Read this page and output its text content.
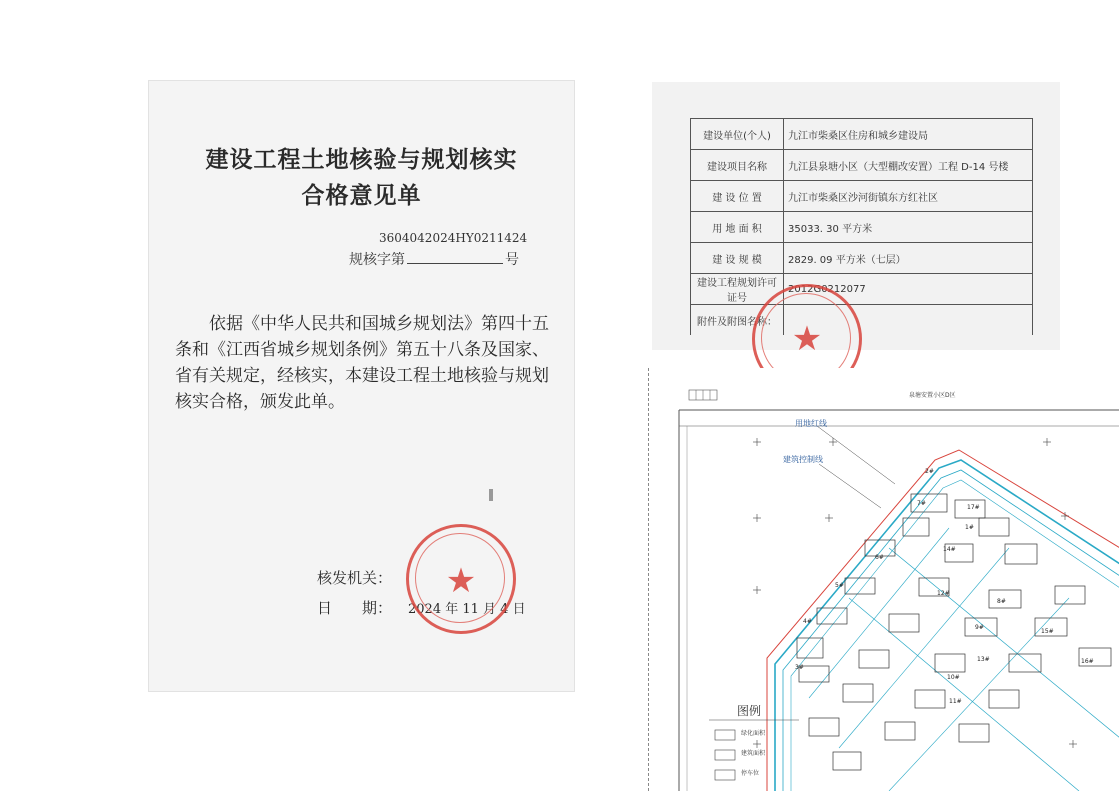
建设工程土地核验与规划核实
合格意见单
3604042024HY0211424
规核字第	号
依据《中华人民共和国城乡规划法》第四十五条和《江西省城乡规划条例》第五十八条及国家、省有关规定，经核实，本建设工程土地核验与规划核实合格，颁发此单。
核发机关：
日　　期： 2024 年 11 月 4 日
★
建设单位(个人)	九江市柴桑区住房和城乡建设局
建设项目名称	九江县泉塘小区（大型棚改安置）工程 D-14 号楼
建 设 位 置	九江市柴桑区沙河街镇东方红社区
用 地 面 积	35033. 30 平方米
建 设 规 模	2829. 09 平方米（七层）
建设工程规划许可证号	2012G0212077
附件及附图名称：	★
泉塘安置小区D区
用地红线
建筑控制线
图例
绿化面积
建筑面积
停车位
1#
2#
3#
4#
5#
6#
7#
8#
9#
10#
11#
12#
13#
14#
15#
16#
17#
